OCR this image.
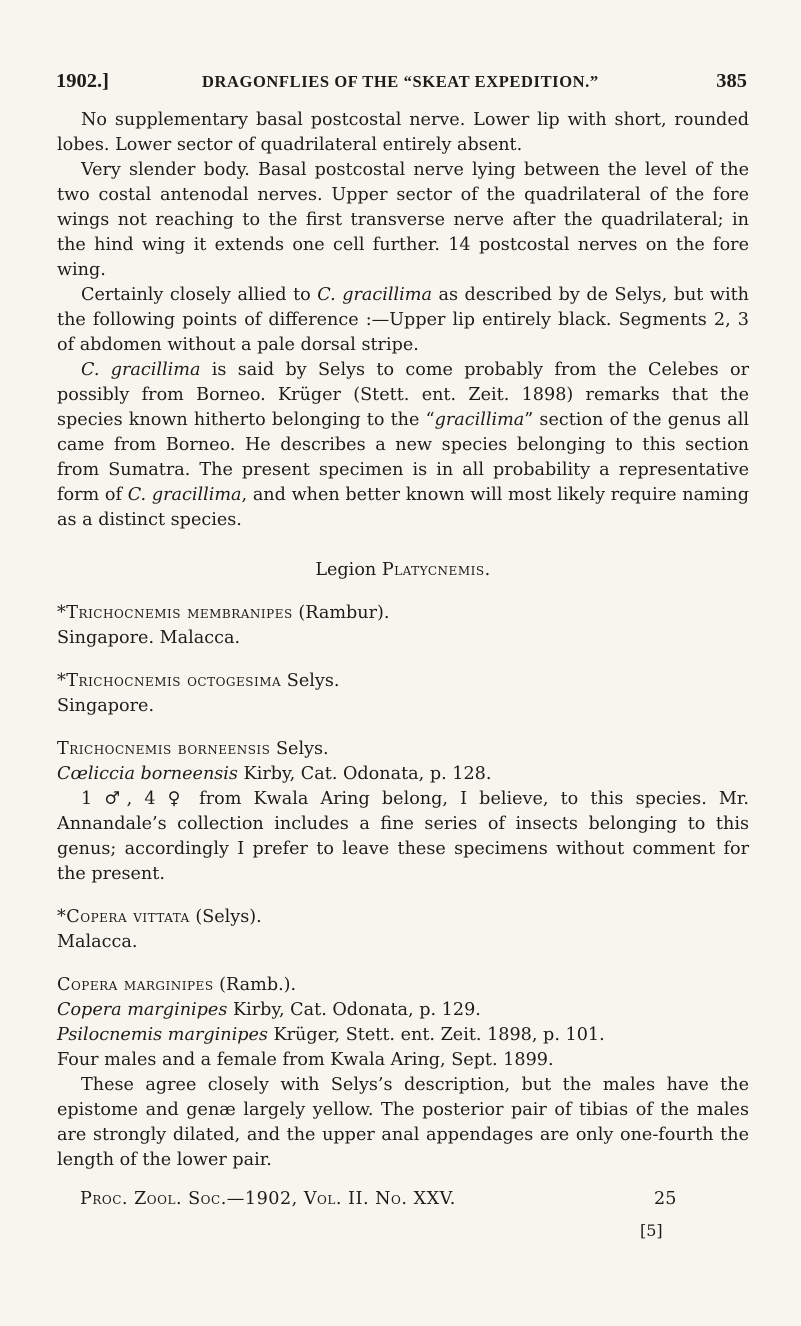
1902.]	DRAGONFLIES OF THE “SKEAT EXPEDITION.”	385

No supplementary basal postcostal nerve. Lower lip with short, rounded lobes. Lower sector of quadrilateral entirely absent.

Very slender body. Basal postcostal nerve lying between the level of the two costal antenodal nerves. Upper sector of the quadrilateral of the fore wings not reaching to the first transverse nerve after the quadrilateral; in the hind wing it extends one cell further. 14 postcostal nerves on the fore wing.

Certainly closely allied to C. gracillima as described by de Selys, but with the following points of difference :—Upper lip entirely black. Segments 2, 3 of abdomen without a pale dorsal stripe.

C. gracillima is said by Selys to come probably from the Celebes or possibly from Borneo. Krüger (Stett. ent. Zeit. 1898) remarks that the species known hitherto belonging to the “gracillima” section of the genus all came from Borneo. He describes a new species belonging to this section from Sumatra. The present specimen is in all probability a representative form of C. gracillima, and when better known will most likely require naming as a distinct species.

Legion Platycnemis.

*Trichocnemis membranipes (Rambur).

Singapore. Malacca.

*Trichocnemis octogesima Selys.

Singapore.

Trichocnemis borneensis Selys.

Cœliccia borneensis Kirby, Cat. Odonata, p. 128.

1 ♂, 4 ♀ from Kwala Aring belong, I believe, to this species. Mr. Annandale’s collection includes a fine series of insects belonging to this genus; accordingly I prefer to leave these specimens without comment for the present.

*Copera vittata (Selys).

Malacca.

Copera marginipes (Ramb.).

Copera marginipes Kirby, Cat. Odonata, p. 129.

Psilocnemis marginipes Krüger, Stett. ent. Zeit. 1898, p. 101.

Four males and a female from Kwala Aring, Sept. 1899.

These agree closely with Selys’s description, but the males have the epistome and genæ largely yellow. The posterior pair of tibias of the males are strongly dilated, and the upper anal appendages are only one-fourth the length of the lower pair.

Proc. Zool. Soc.—1902, Vol. II. No. XXV.	25
[5]
